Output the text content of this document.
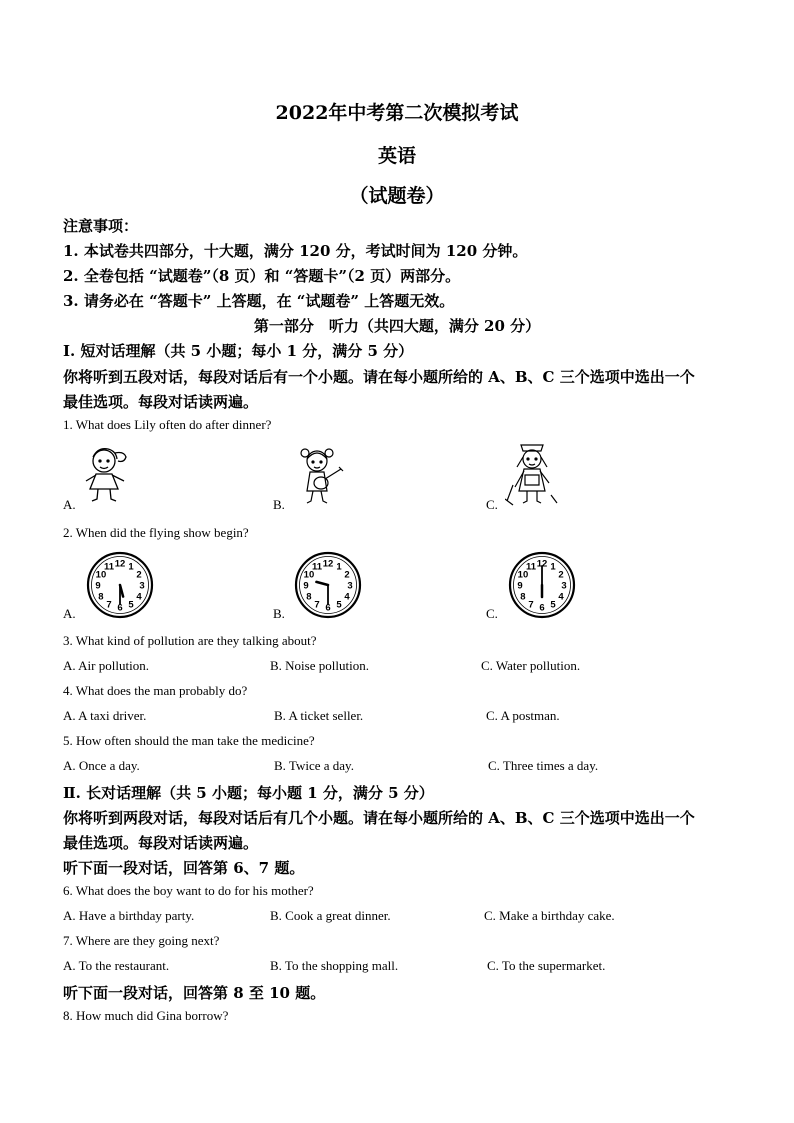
2022年中考第二次模拟考试
英语
（试题卷）
注意事项：
1. 本试卷共四部分，十大题，满分 120 分，考试时间为 120 分钟。
2. 全卷包括 “试题卷”（8 页）和 “答题卡”（2 页）两部分。
3. 请务必在 “答题卡” 上答题，在 “试题卷” 上答题无效。
第一部分　听力（共四大题，满分 20 分）
Ⅰ. 短对话理解（共 5 小题；每小 1 分，满分 5 分）
你将听到五段对话，每段对话后有一个小题。请在每小题所给的 A、B、C 三个选项中选出一个
最佳选项。每段对话读两遍。
1. What does Lily often do after dinner?
A.	B.	C.
2. When did the flying show begin?
A.	B.	C.
12 1
2
3
4
5
6
7
8
9
10
11	12 1
2
3
4
5
6
7
8
9
10
11	12 1
2
3
4
5
6
7
8
9
10
11
3. What kind of pollution are they talking about?
A. Air pollution.	B. Noise pollution.	C. Water pollution.
4. What does the man probably do?
A. A taxi driver.	B. A ticket seller.	C. A postman.
5. How often should the man take the medicine?
A. Once a day.	B. Twice a day.	C. Three times a day.
Ⅱ. 长对话理解（共 5 小题；每小题 1 分，满分 5 分）
你将听到两段对话，每段对话后有几个小题。请在每小题所给的 A、B、C 三个选项中选出一个
最佳选项。每段对话读两遍。
听下面一段对话，回答第 6、7 题。
6. What does the boy want to do for his mother?
A. Have a birthday party.	B. Cook a great dinner.	C. Make a birthday cake.
7. Where are they going next?
A. To the restaurant.	B. To the shopping mall.	C. To the supermarket.
听下面一段对话，回答第 8 至 10 题。
8. How much did Gina borrow?
